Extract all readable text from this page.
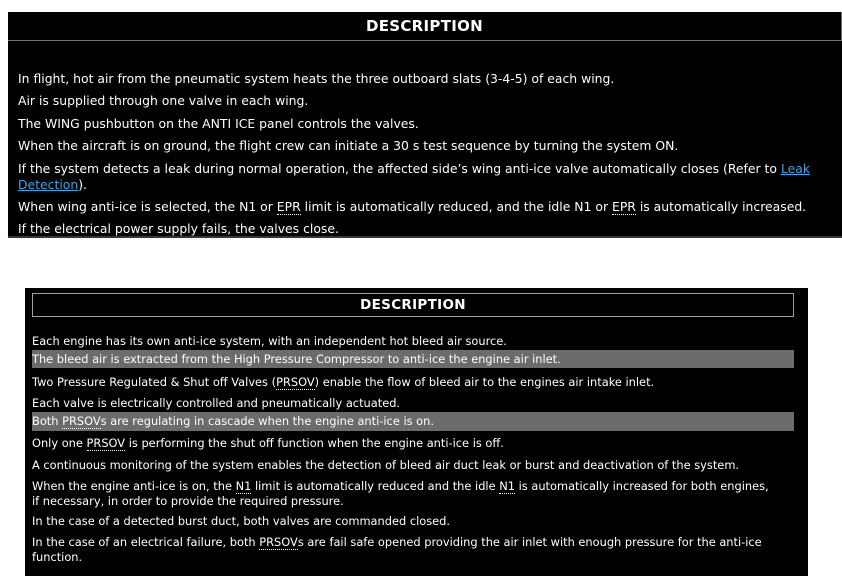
DESCRIPTION

In flight, hot air from the pneumatic system heats the three outboard slats (3-4-5) of each wing.

Air is supplied through one valve in each wing.

The WING pushbutton on the ANTI ICE panel controls the valves.

When the aircraft is on ground, the flight crew can initiate a 30 s test sequence by turning the system ON.

If the system detects a leak during normal operation, the affected side’s wing anti-ice valve automatically closes (Refer to Leak

Detection).

When wing anti-ice is selected, the N1 or EPR limit is automatically reduced, and the idle N1 or EPR is automatically increased.

If the electrical power supply fails, the valves close.

DESCRIPTION

Each engine has its own anti-ice system, with an independent hot bleed air source.

The bleed air is extracted from the High Pressure Compressor to anti-ice the engine air inlet.

Two Pressure Regulated & Shut off Valves (PRSOV) enable the flow of bleed air to the engines air intake inlet.

Each valve is electrically controlled and pneumatically actuated.

Both PRSOVs are regulating in cascade when the engine anti-ice is on.

Only one PRSOV is performing the shut off function when the engine anti-ice is off.

A continuous monitoring of the system enables the detection of bleed air duct leak or burst and deactivation of the system.

When the engine anti-ice is on, the N1 limit is automatically reduced and the idle N1 is automatically increased for both engines,

if necessary, in order to provide the required pressure.

In the case of a detected burst duct, both valves are commanded closed.

In the case of an electrical failure, both PRSOVs are fail safe opened providing the air inlet with enough pressure for the anti-ice

function.
